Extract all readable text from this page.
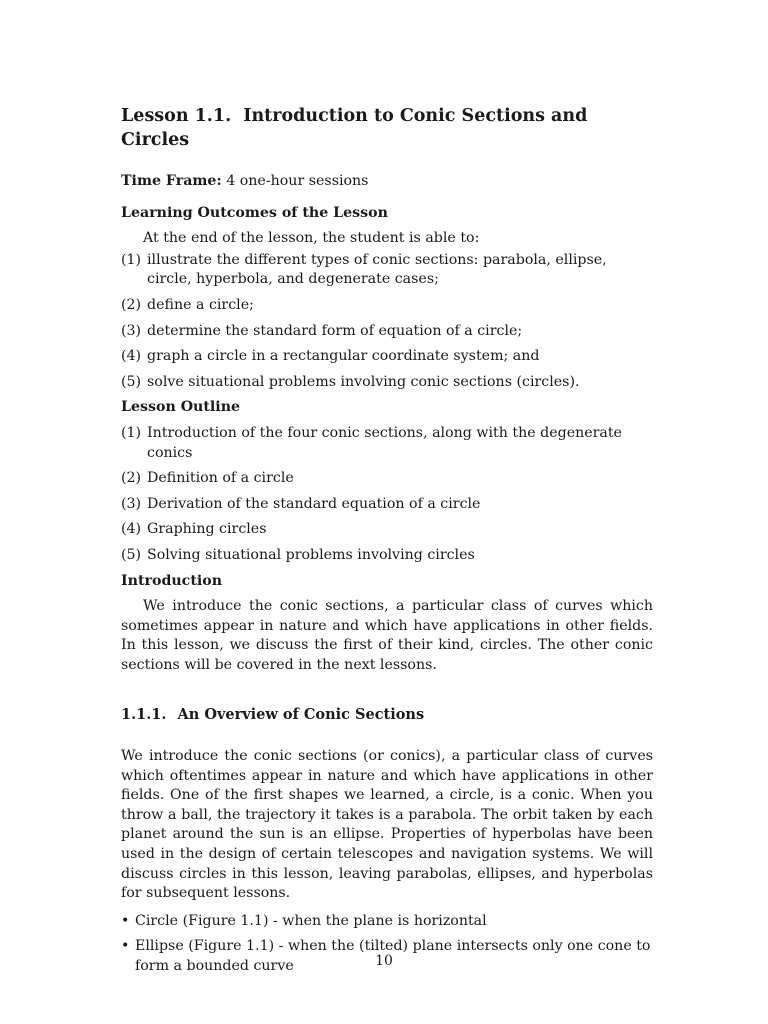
Lesson 1.1. Introduction to Conic Sections and Circles
Time Frame: 4 one-hour sessions
Learning Outcomes of the Lesson
At the end of the lesson, the student is able to:
(1) illustrate the different types of conic sections: parabola, ellipse, circle, hyperbola, and degenerate cases;
(2) define a circle;
(3) determine the standard form of equation of a circle;
(4) graph a circle in a rectangular coordinate system; and
(5) solve situational problems involving conic sections (circles).
Lesson Outline
(1) Introduction of the four conic sections, along with the degenerate conics
(2) Definition of a circle
(3) Derivation of the standard equation of a circle
(4) Graphing circles
(5) Solving situational problems involving circles
Introduction

We introduce the conic sections, a particular class of curves which sometimes appear in nature and which have applications in other fields. In this lesson, we discuss the first of their kind, circles. The other conic sections will be covered in the next lessons.

1.1.1. An Overview of Conic Sections

We introduce the conic sections (or conics), a particular class of curves which oftentimes appear in nature and which have applications in other fields. One of the first shapes we learned, a circle, is a conic. When you throw a ball, the trajectory it takes is a parabola. The orbit taken by each planet around the sun is an ellipse. Properties of hyperbolas have been used in the design of certain telescopes and navigation systems. We will discuss circles in this lesson, leaving parabolas, ellipses, and hyperbolas for subsequent lessons.

• Circle (Figure 1.1) - when the plane is horizontal
• Ellipse (Figure 1.1) - when the (tilted) plane intersects only one cone to form a bounded curve	10
